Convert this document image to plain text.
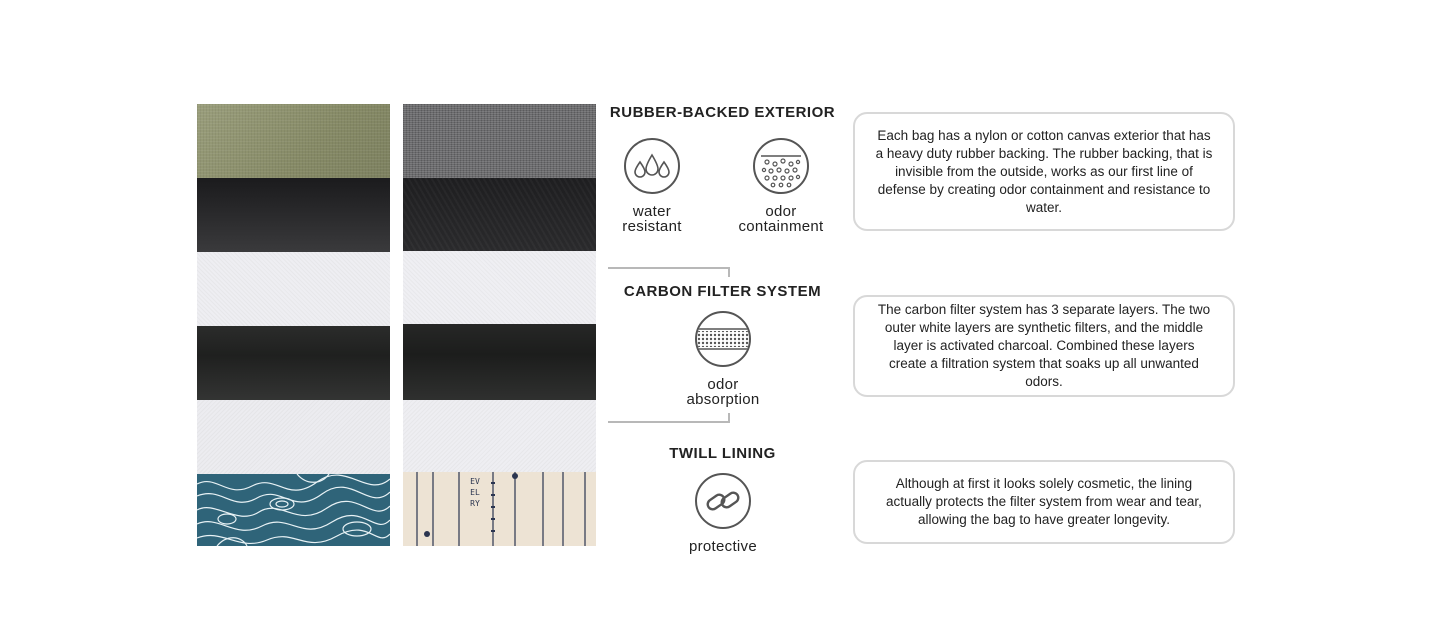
EVELRY
RUBBER-BACKED EXTERIOR
water
resistant
odor
containment
Each bag has a nylon or cotton canvas exterior that has a heavy duty rubber backing. The rubber backing, that is invisible from the outside, works as our first line of defense by creating odor containment and resistance to water.
CARBON FILTER SYSTEM
odor
absorption
The carbon filter system has 3 separate layers. The two outer white layers are synthetic filters, and the middle layer is activated charcoal. Combined these layers create a filtration system that soaks up all unwanted odors.
TWILL LINING
protective
Although at first it looks solely cosmetic, the lining actually protects the filter system from wear and tear, allowing the bag to have greater longevity.
